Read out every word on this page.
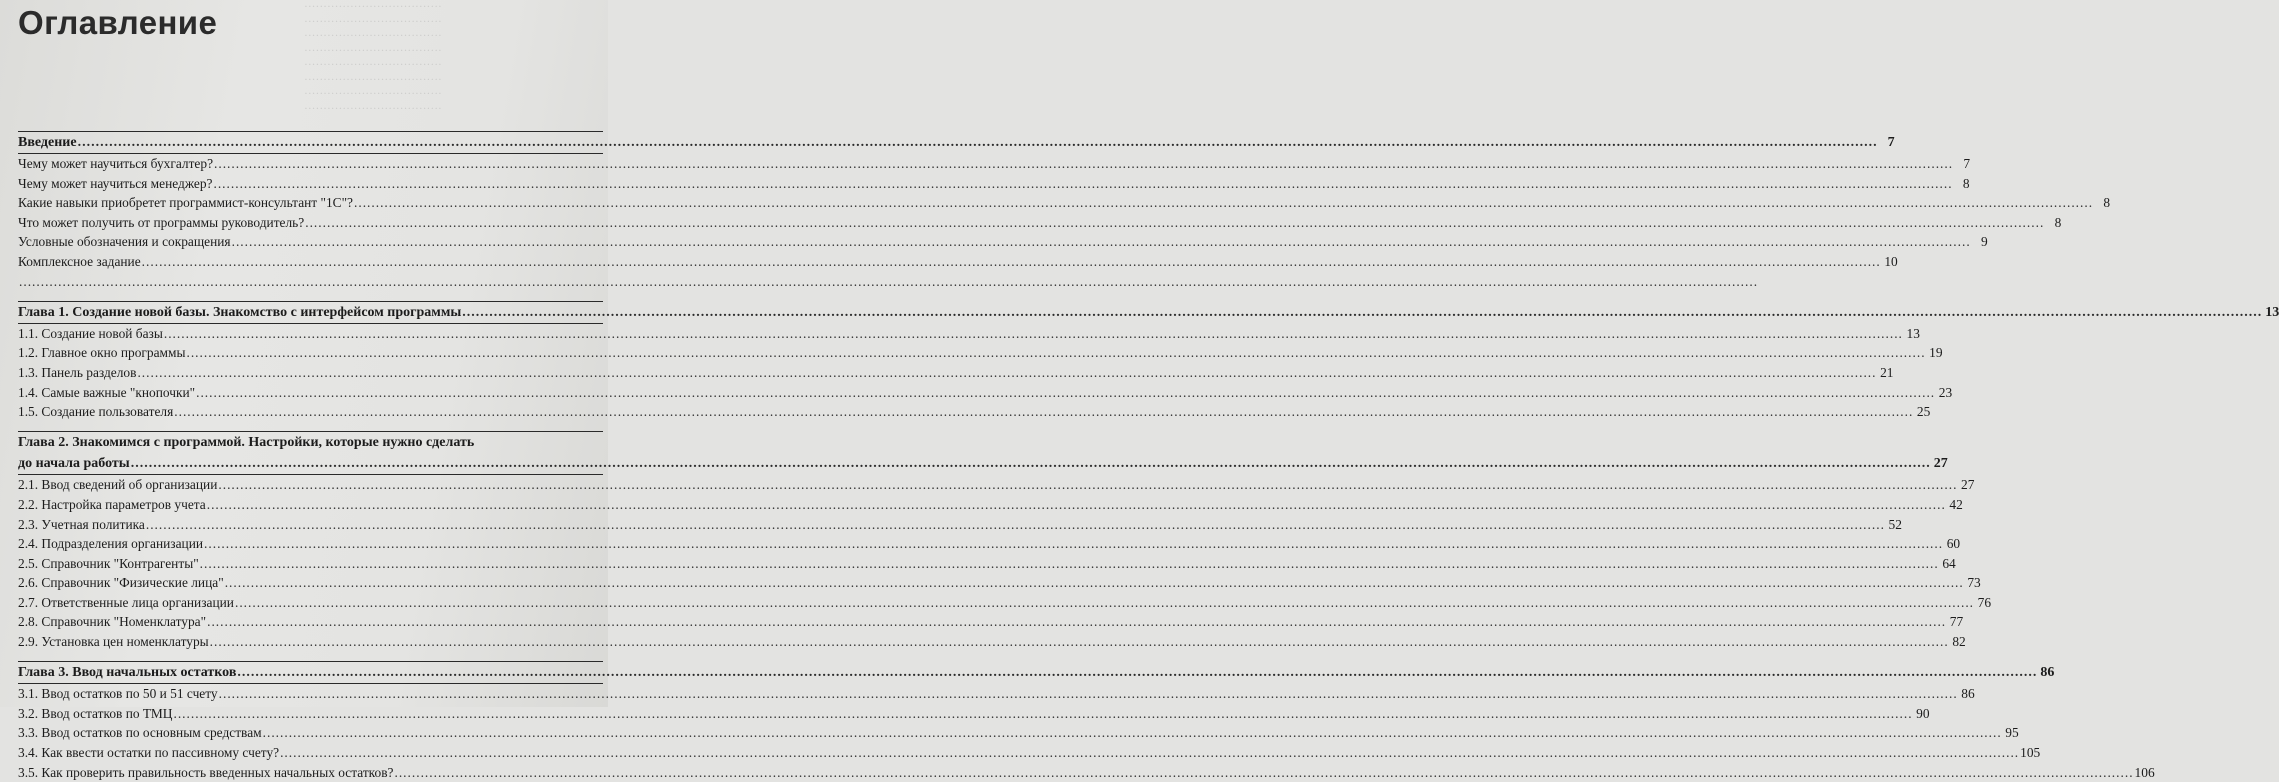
····································
····································
····································
····································
····································
····································
····································
····································
Оглавление
Введение ................................................................................................................................................................................................................................................................................................................................................................................................................ 7
Чему может научиться бухгалтер? ................................................................................................................................................................................................................................................................................................................................................................................................................ 7
Чему может научиться менеджер? ................................................................................................................................................................................................................................................................................................................................................................................................................ 8
Какие навыки приобретет программист-консультант "1С"? ................................................................................................................................................................................................................................................................................................................................................................................................................ 8
Что может получить от программы руководитель? ................................................................................................................................................................................................................................................................................................................................................................................................................ 8
Условные обозначения и сокращения ................................................................................................................................................................................................................................................................................................................................................................................................................ 9
Комплексное задание ................................................................................................................................................................................................................................................................................................................................................................................................................ 10
................................................................................................................................................................................................................................................................................................................................................................................................................
Глава 1. Создание новой базы. Знакомство с интерфейсом программы ................................................................................................................................................................................................................................................................................................................................................................................................................ 13
1.1. Создание новой базы ................................................................................................................................................................................................................................................................................................................................................................................................................ 13
1.2. Главное окно программы ................................................................................................................................................................................................................................................................................................................................................................................................................ 19
1.3. Панель разделов ................................................................................................................................................................................................................................................................................................................................................................................................................ 21
1.4. Самые важные "кнопочки" ................................................................................................................................................................................................................................................................................................................................................................................................................ 23
1.5. Создание пользователя ................................................................................................................................................................................................................................................................................................................................................................................................................ 25
Глава 2. Знакомимся с программой. Настройки, которые нужно сделать
до начала работы ................................................................................................................................................................................................................................................................................................................................................................................................................ 27
2.1. Ввод сведений об организации ................................................................................................................................................................................................................................................................................................................................................................................................................ 27
2.2. Настройка параметров учета ................................................................................................................................................................................................................................................................................................................................................................................................................ 42
2.3. Учетная политика ................................................................................................................................................................................................................................................................................................................................................................................................................ 52
2.4. Подразделения организации ................................................................................................................................................................................................................................................................................................................................................................................................................ 60
2.5. Справочник "Контрагенты" ................................................................................................................................................................................................................................................................................................................................................................................................................ 64
2.6. Справочник "Физические лица" ................................................................................................................................................................................................................................................................................................................................................................................................................ 73
2.7. Ответственные лица организации ................................................................................................................................................................................................................................................................................................................................................................................................................ 76
2.8. Справочник "Номенклатура" ................................................................................................................................................................................................................................................................................................................................................................................................................ 77
2.9. Установка цен номенклатуры ................................................................................................................................................................................................................................................................................................................................................................................................................ 82
Глава 3. Ввод начальных остатков ................................................................................................................................................................................................................................................................................................................................................................................................................ 86
3.1. Ввод остатков по 50 и 51 счету ................................................................................................................................................................................................................................................................................................................................................................................................................ 86
3.2. Ввод остатков по ТМЦ ................................................................................................................................................................................................................................................................................................................................................................................................................ 90
3.3. Ввод остатков по основным средствам ................................................................................................................................................................................................................................................................................................................................................................................................................ 95
3.4. Как ввести остатки по пассивному счету? ................................................................................................................................................................................................................................................................................................................................................................................................................ 105
3.5. Как проверить правильность введенных начальных остатков? ................................................................................................................................................................................................................................................................................................................................................................................................................ 106
